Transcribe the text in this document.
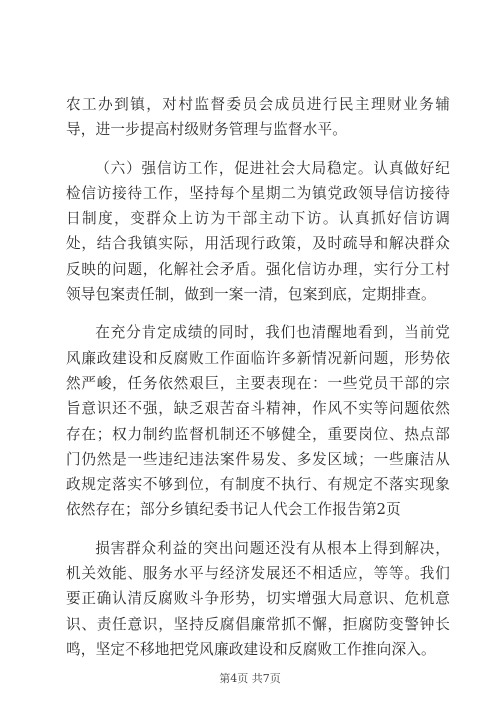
农工办到镇，对村监督委员会成员进行民主理财业务辅导，进一步提高村级财务管理与监督水平。

（六）强信访工作，促进社会大局稳定。认真做好纪检信访接待工作，坚持每个星期二为镇党政领导信访接待日制度，变群众上访为干部主动下访。认真抓好信访调处，结合我镇实际，用活现行政策，及时疏导和解决群众反映的问题，化解社会矛盾。强化信访办理，实行分工村领导包案责任制，做到一案一清，包案到底，定期排查。

在充分肯定成绩的同时，我们也清醒地看到，当前党风廉政建设和反腐败工作面临许多新情况新问题，形势依然严峻，任务依然艰巨，主要表现在：一些党员干部的宗旨意识还不强，缺乏艰苦奋斗精神，作风不实等问题依然存在；权力制约监督机制还不够健全，重要岗位、热点部门仍然是一些违纪违法案件易发、多发区域；一些廉洁从政规定落实不够到位，有制度不执行、有规定不落实现象依然存在；部分乡镇纪委书记人代会工作报告第2页

损害群众利益的突出问题还没有从根本上得到解决，机关效能、服务水平与经济发展还不相适应，等等。我们要正确认清反腐败斗争形势，切实增强大局意识、危机意识、责任意识，坚持反腐倡廉常抓不懈，拒腐防变警钟长鸣，坚定不移地把党风廉政建设和反腐败工作推向深入。

第4页 共7页
